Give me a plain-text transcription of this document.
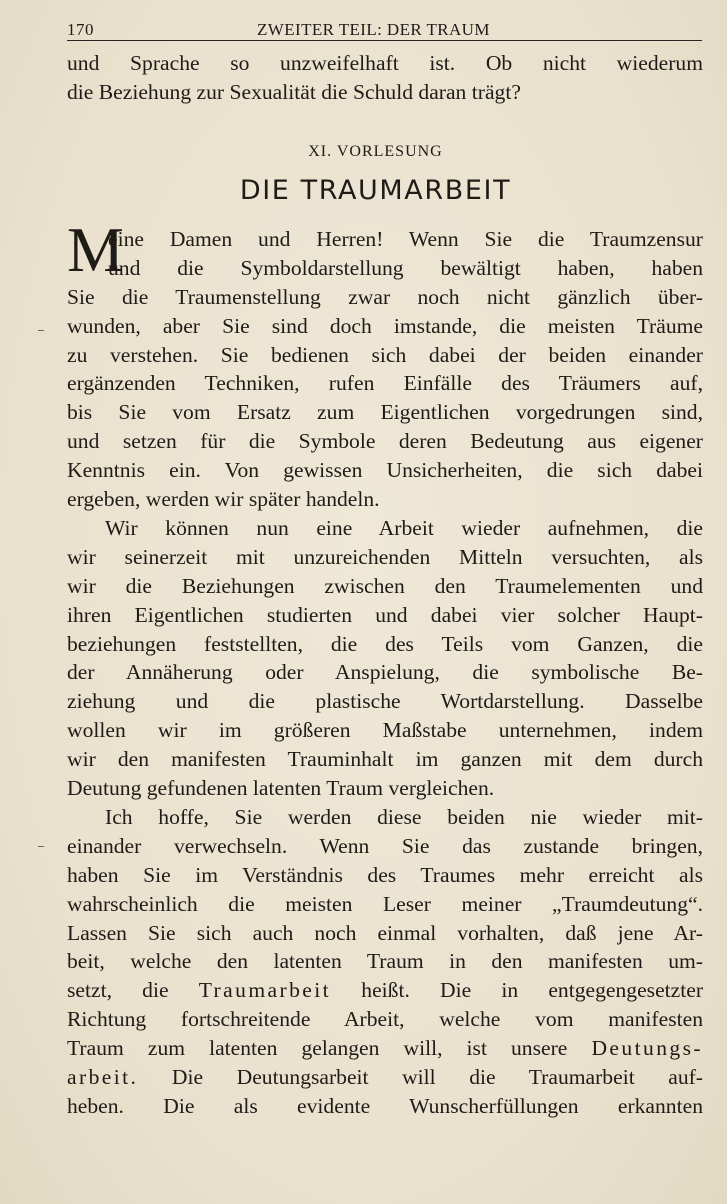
170	ZWEITER TEIL: DER TRAUM
und Sprache so unzweifelhaft ist. Ob nicht wiederum
die Beziehung zur Sexualität die Schuld daran trägt?
XI. VORLESUNG
DIE TRAUMARBEIT
M
eine Damen und Herren! Wenn Sie die Traumzensur
und die Symboldarstellung bewältigt haben, haben
Sie die Traumenstellung zwar noch nicht gänzlich über-
wunden, aber Sie sind doch imstande, die meisten Träume
zu verstehen. Sie bedienen sich dabei der beiden einander
ergänzenden Techniken, rufen Einfälle des Träumers auf,
bis Sie vom Ersatz zum Eigentlichen vorgedrungen sind,
und setzen für die Symbole deren Bedeutung aus eigener
Kenntnis ein. Von gewissen Unsicherheiten, die sich dabei
ergeben, werden wir später handeln.
Wir können nun eine Arbeit wieder aufnehmen, die
wir seinerzeit mit unzureichenden Mitteln versuchten, als
wir die Beziehungen zwischen den Traumelementen und
ihren Eigentlichen studierten und dabei vier solcher Haupt-
beziehungen feststellten, die des Teils vom Ganzen, die
der Annäherung oder Anspielung, die symbolische Be-
ziehung und die plastische Wortdarstellung. Dasselbe
wollen wir im größeren Maßstabe unternehmen, indem
wir den manifesten Trauminhalt im ganzen mit dem durch
Deutung gefundenen latenten Traum vergleichen.
Ich hoffe, Sie werden diese beiden nie wieder mit-
einander verwechseln. Wenn Sie das zustande bringen,
haben Sie im Verständnis des Traumes mehr erreicht als
wahrscheinlich die meisten Leser meiner „Traumdeutung“.
Lassen Sie sich auch noch einmal vorhalten, daß jene Ar-
beit, welche den latenten Traum in den manifesten um-
setzt, die Traumarbeit heißt. Die in entgegengesetzter
Richtung fortschreitende Arbeit, welche vom manifesten
Traum zum latenten gelangen will, ist unsere Deutungs-
arbeit. Die Deutungsarbeit will die Traumarbeit auf-
heben. Die als evidente Wunscherfüllungen erkannten
